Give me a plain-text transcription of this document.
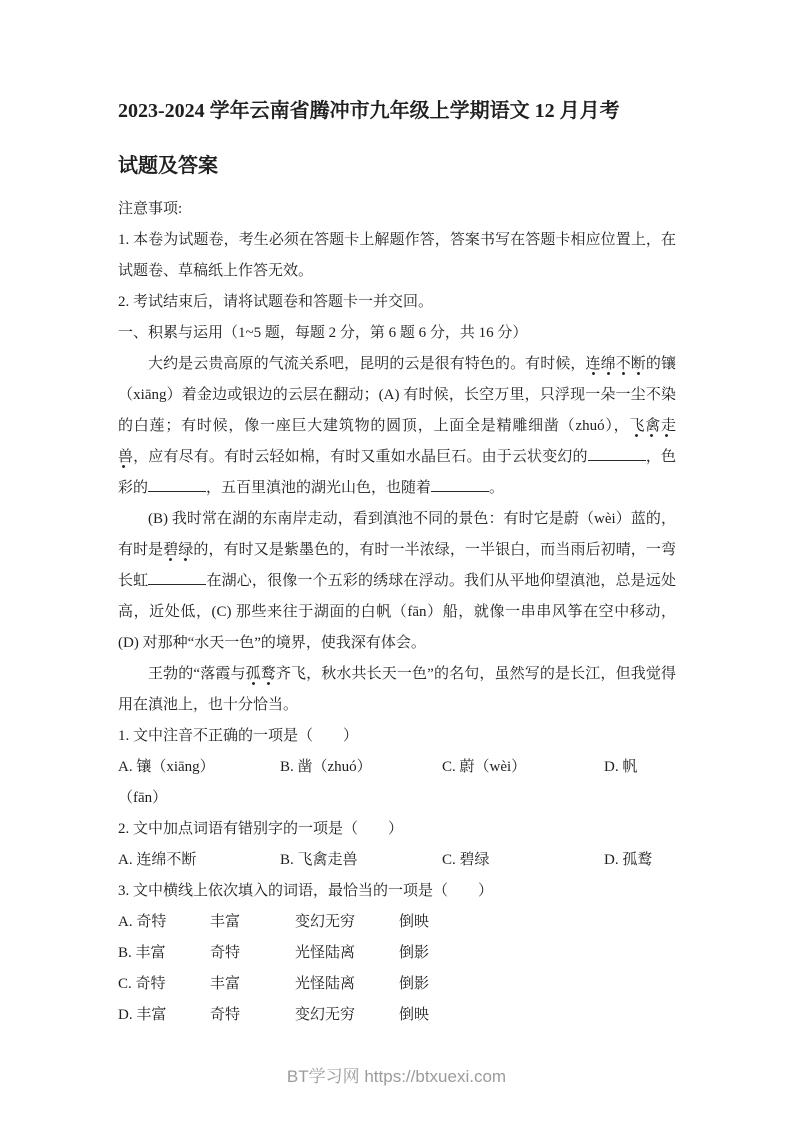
2023-2024 学年云南省腾冲市九年级上学期语文 12 月月考
试题及答案
注意事项:
1. 本卷为试题卷，考生必须在答题卡上解题作答，答案书写在答题卡相应位置上，在试题卷、草稿纸上作答无效。
2. 考试结束后，请将试题卷和答题卡一并交回。
一、积累与运用（1~5 题，每题 2 分，第 6 题 6 分，共 16 分）

大约是云贵高原的气流关系吧，昆明的云是很有特色的。有时候，连绵不断的镶（xiāng）着金边或银边的云层在翻动；(A) 有时候，长空万里，只浮现一朵一尘不染的白莲；有时候，像一座巨大建筑物的圆顶，上面全是精雕细凿（zhuó），飞禽走兽，应有尽有。有时云轻如棉，有时又重如水晶巨石。由于云状变幻的	，色彩的	，五百里滇池的湖光山色，也随着	。

(B) 我时常在湖的东南岸走动，看到滇池不同的景色：有时它是蔚（wèi）蓝的，有时是碧绿的，有时又是紫墨色的，有时一半浓绿，一半银白，而当雨后初晴，一弯长虹	在湖心，很像一个五彩的绣球在浮动。我们从平地仰望滇池，总是远处高，近处低，(C) 那些来往于湖面的白帆（fān）船，就像一串串风筝在空中移动，(D) 对那种“水天一色”的境界，使我深有体会。

王勃的“落霞与孤鹜齐飞，秋水共长天一色”的名句，虽然写的是长江，但我觉得用在滇池上，也十分恰当。

1. 文中注音不正确的一项是（　　）
A. 镶（xiāng）	B. 凿（zhuó）	C. 蔚（wèi）	D. 帆
（fān）
2. 文中加点词语有错别字的一项是（　　）
A. 连绵不断	B. 飞禽走兽	C. 碧绿	D. 孤鹜
3. 文中横线上依次填入的词语，最恰当的一项是（　　）
A. 奇特	丰富	变幻无穷	倒映
B. 丰富	奇特	光怪陆离	倒影
C. 奇特	丰富	光怪陆离	倒影
D. 丰富	奇特	变幻无穷	倒映
BT学习网 https://btxuexi.com
